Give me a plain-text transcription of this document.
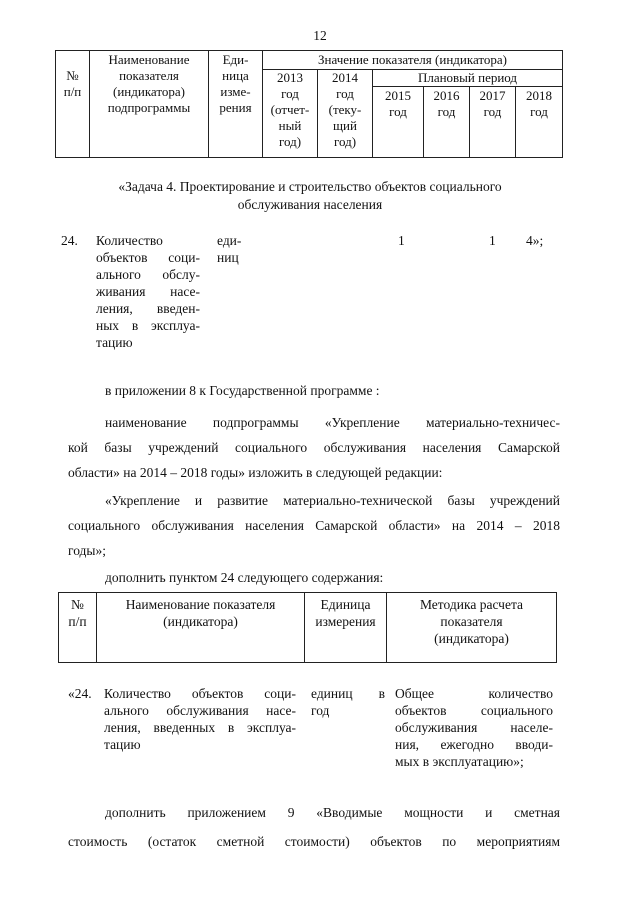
12
№
п/п
Наименование
показателя
(индикатора)
подпрограммы
Еди-
ница
изме-
рения
Значение показателя (индикатора)
2013
год
(отчет-
ный
год)
2014
год
(теку-
щий
год)
Плановый период
2015
год
2016
год
2017
год
2018
год
«Задача 4. Проектирование и строительство объектов социального
обслуживания населения
24. Количество
объектов соци-
ального обслу-
живания насе-
ления, введен-
ных в эксплуа-
тацию
еди-
ниц
1	1 4»;
в приложении 8 к Государственной программе :
наименование подпрограммы «Укрепление материально-техничес-
кой базы учреждений социального обслуживания населения Самарской
области» на 2014 – 2018 годы» изложить в следующей редакции:
«Укрепление и развитие материально-технической базы учреждений
социального обслуживания населения Самарской области» на 2014 – 2018
годы»;
дополнить пунктом 24 следующего содержания:
№
п/п
Наименование показателя
(индикатора)
Единица
измерения
Методика расчета
показателя
(индикатора)
«24. Количество объектов соци-
ального обслуживания насе-
ления, введенных в эксплуа-
тацию
единиц в
год
Общее количество
объектов социального
обслуживания населе-
ния, ежегодно вводи-
мых в эксплуатацию»;
дополнить приложением 9 «Вводимые мощности и сметная
стоимость (остаток сметной стоимости) объектов по мероприятиям
